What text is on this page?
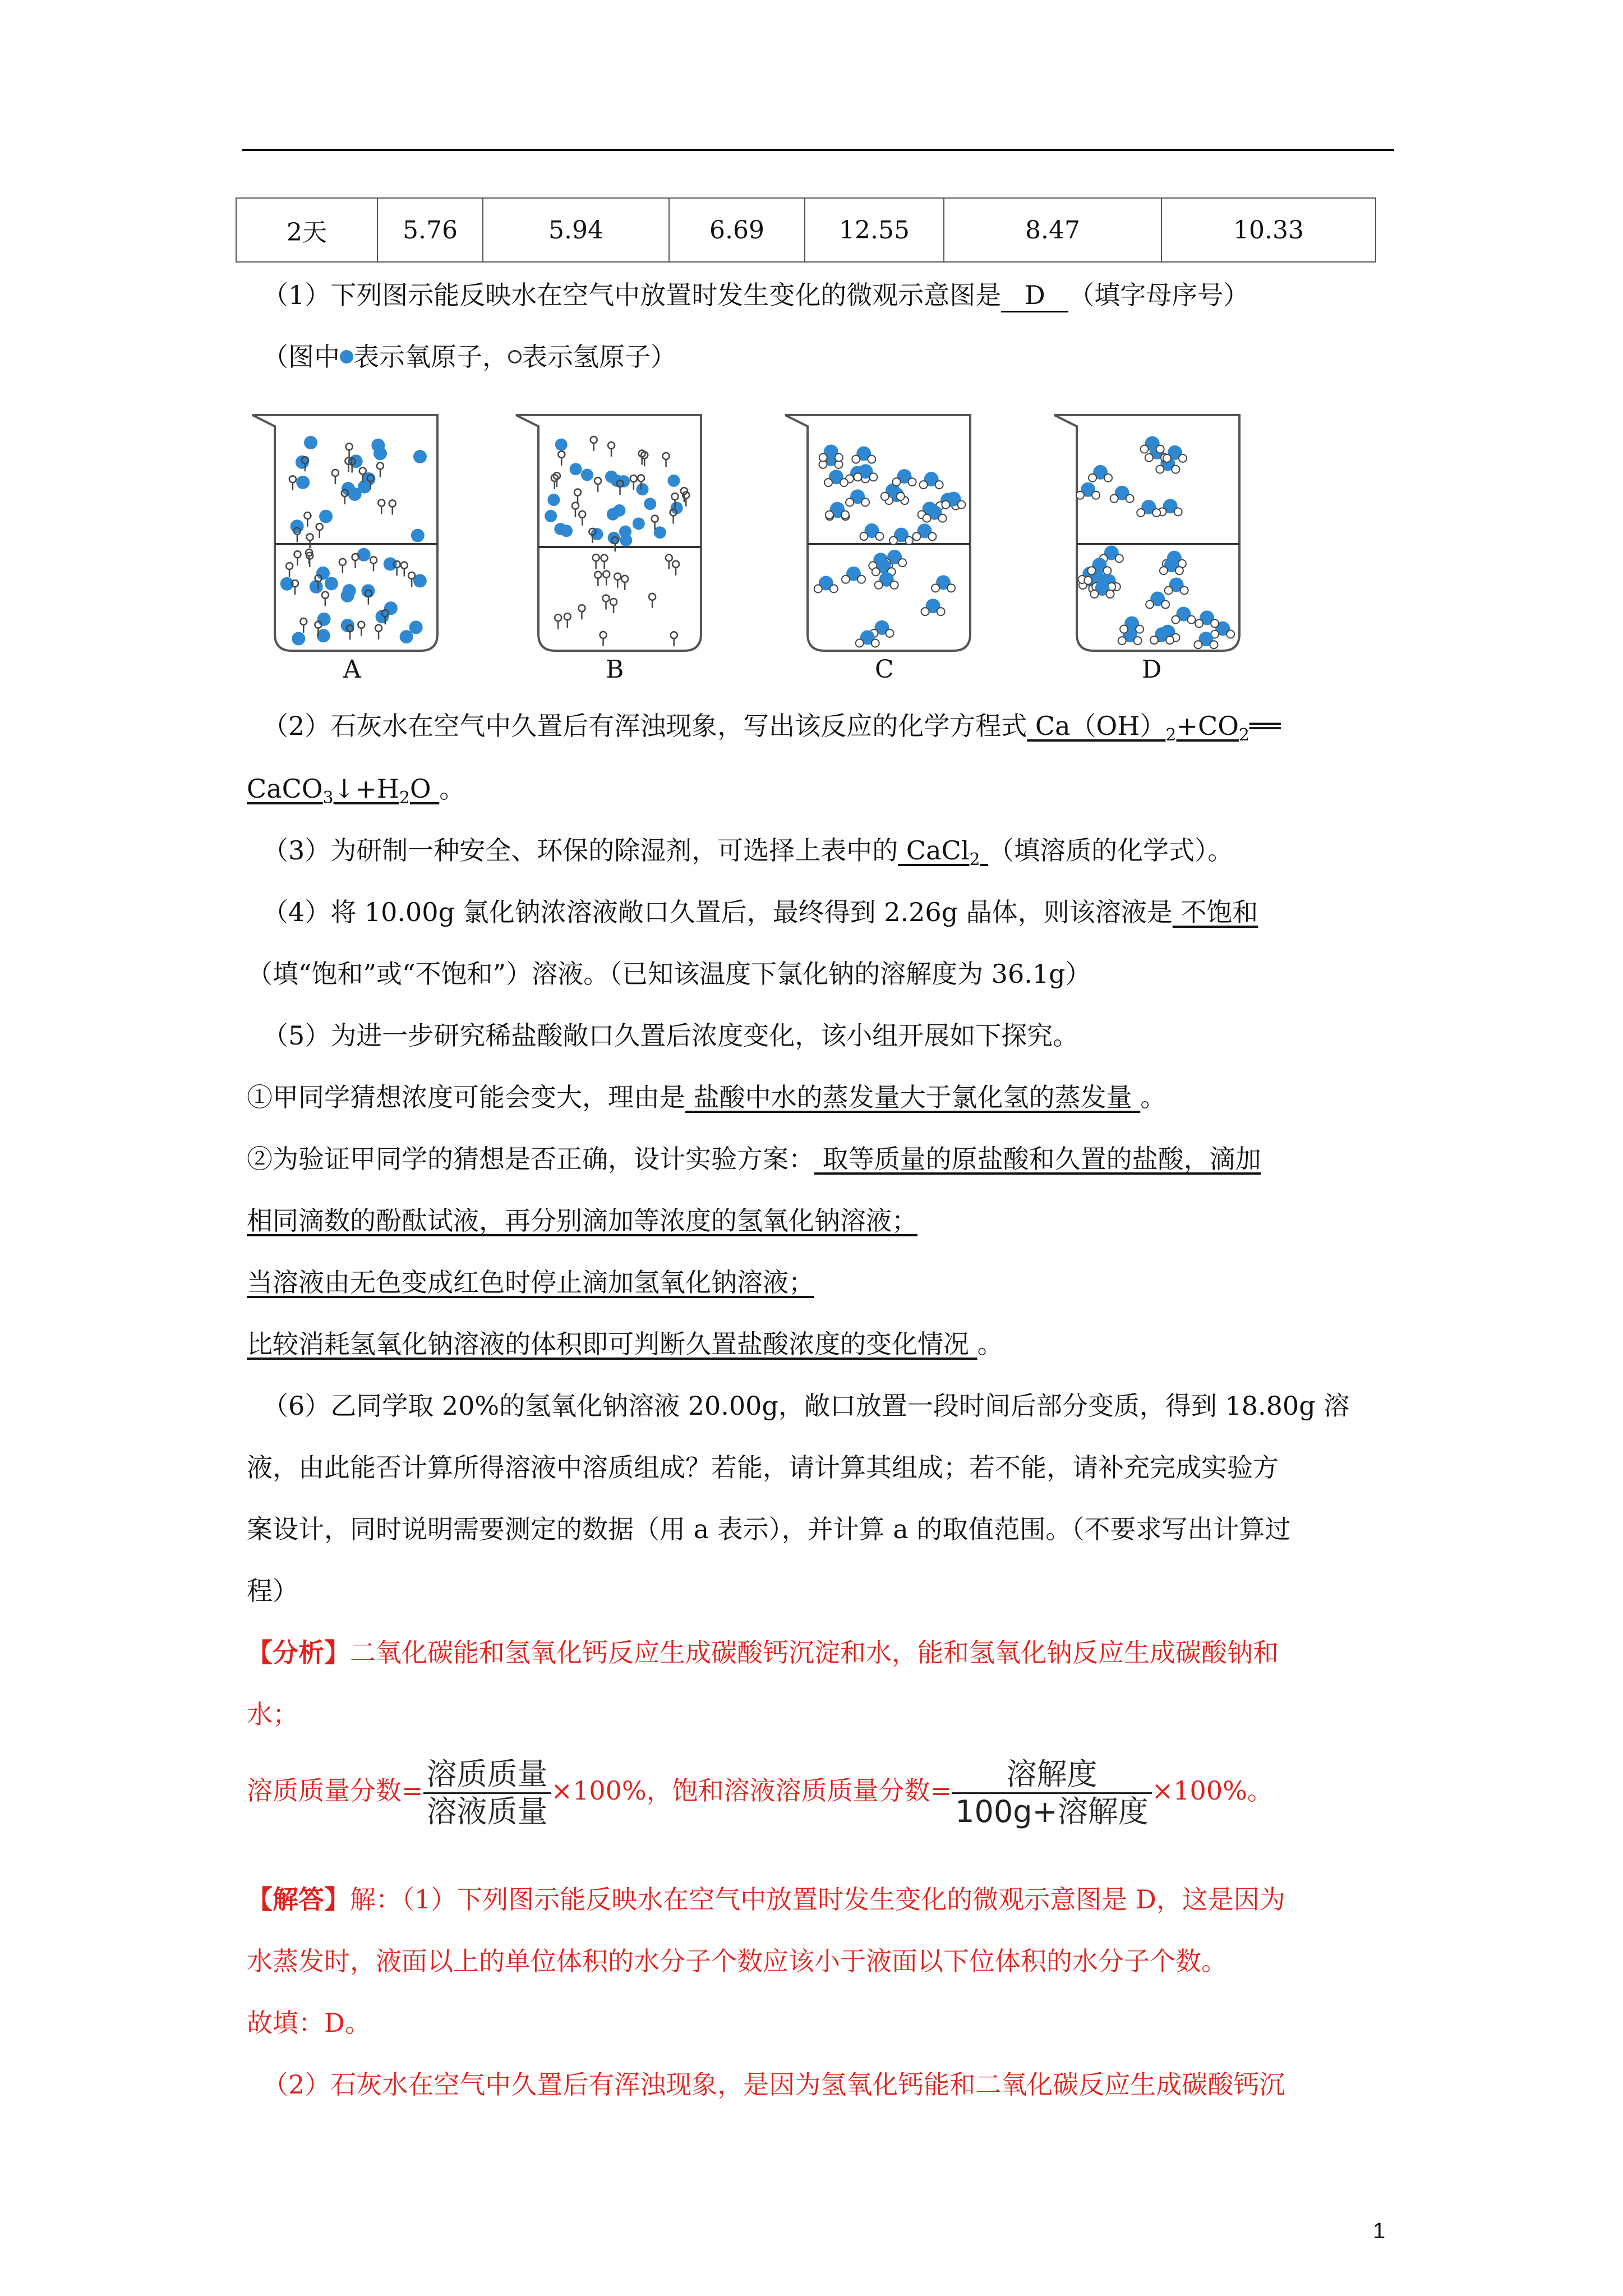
2天	5.76	5.94	6.69	12.55	8.47	10.33
（1）下列图示能反映水在空气中放置时发生变化的微观示意图是 D （填字母序号）
（图中 表示氧原子， 表示氢原子）
A	B	C	D
（2）石灰水在空气中久置后有浑浊现象，写出该反应的化学方程式 $Ca(OH)_2+CO_2══$
$CaCO_3↓+H_2O$ 。
（3）为研制一种安全、环保的除湿剂，可选择上表中的 CaCl$_2$ （填溶质的化学式）。
（4）将 10.00g 氯化钠浓溶液敞口久置后，最终得到 2.26g 晶体，则该溶液是 不饱和
（填“饱和”或“不饱和”）溶液。（已知该温度下氯化钠的溶解度为 36.1g）
（5）为进一步研究稀盐酸敞口久置后浓度变化，该小组开展如下探究。
①甲同学猜想浓度可能会变大，理由是 盐酸中水的蒸发量大于氯化氢的蒸发量 。
②为验证甲同学的猜想是否正确，设计实验方案： 取等质量的原盐酸和久置的盐酸，滴加
相同滴数的酚酞试液，再分别滴加等浓度的氢氧化钠溶液；
当溶液由无色变成红色时停止滴加氢氧化钠溶液；
比较消耗氢氧化钠溶液的体积即可判断久置盐酸浓度的变化情况 。
（6）乙同学取 20%的氢氧化钠溶液 20.00g，敞口放置一段时间后部分变质，得到 18.80g 溶
液，由此能否计算所得溶液中溶质组成？若能，请计算其组成；若不能，请补充完成实验方
案设计，同时说明需要测定的数据（用 a 表示），并计算 a 的取值范围。（不要求写出计算过
程）
【分析】二氧化碳能和氢氧化钙反应生成碳酸钙沉淀和水，能和氢氧化钠反应生成碳酸钠和
水；
溶质质量分数= $\frac{\text{溶质质量}}{\text{溶液质量}} \times 100\%$，饱和溶液溶质质量分数= $\frac{\text{溶解度}}{\text{100g+溶解度}} \times 100\%$。
【解答】解：（1）下列图示能反映水在空气中放置时发生变化的微观示意图是 D，这是因为
水蒸发时，液面以上的单位体积的水分子个数应该小于液面以下位体积的水分子个数。
故填：D。
（2）石灰水在空气中久置后有浑浊现象，是因为氢氧化钙能和二氧化碳反应生成碳酸钙沉
1
